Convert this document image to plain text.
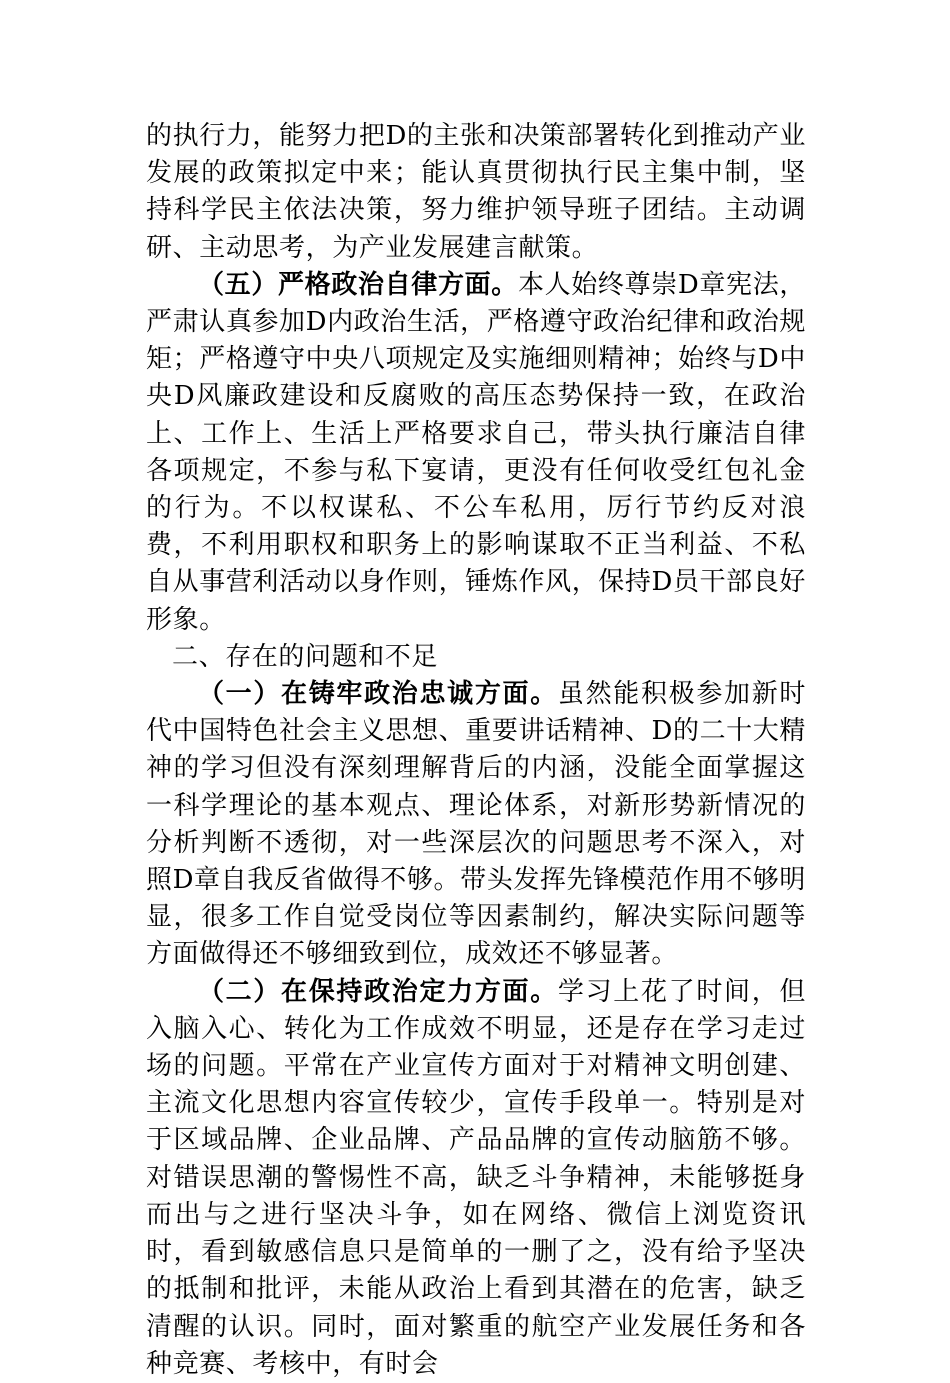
的执行力，能努力把D的主张和决策部署转化到推动产业发展的政策拟定中来；能认真贯彻执行民主集中制，坚持科学民主依法决策，努力维护领导班子团结。主动调研、主动思考，为产业发展建言献策。

（五）严格政治自律方面。本人始终尊崇D章宪法，严肃认真参加D内政治生活，严格遵守政治纪律和政治规矩；严格遵守中央八项规定及实施细则精神；始终与D中央D风廉政建设和反腐败的高压态势保持一致，在政治上、工作上、生活上严格要求自己，带头执行廉洁自律各项规定，不参与私下宴请，更没有任何收受红包礼金的行为。不以权谋私、不公车私用，厉行节约反对浪费，不利用职权和职务上的影响谋取不正当利益、不私自从事营利活动以身作则，锤炼作风，保持D员干部良好形象。

二、存在的问题和不足

（一）在铸牢政治忠诚方面。虽然能积极参加新时代中国特色社会主义思想、重要讲话精神、D的二十大精神的学习但没有深刻理解背后的内涵，没能全面掌握这一科学理论的基本观点、理论体系，对新形势新情况的分析判断不透彻，对一些深层次的问题思考不深入，对照D章自我反省做得不够。带头发挥先锋模范作用不够明显，很多工作自觉受岗位等因素制约，解决实际问题等方面做得还不够细致到位，成效还不够显著。

（二）在保持政治定力方面。学习上花了时间，但入脑入心、转化为工作成效不明显，还是存在学习走过场的问题。平常在产业宣传方面对于对精神文明创建、主流文化思想内容宣传较少，宣传手段单一。特别是对于区域品牌、企业品牌、产品品牌的宣传动脑筋不够。对错误思潮的警惕性不高，缺乏斗争精神，未能够挺身而出与之进行坚决斗争，如在网络、微信上浏览资讯时，看到敏感信息只是简单的一删了之，没有给予坚决的抵制和批评，未能从政治上看到其潜在的危害，缺乏清醒的认识。同时，面对繁重的航空产业发展任务和各种竞赛、考核中，有时会
